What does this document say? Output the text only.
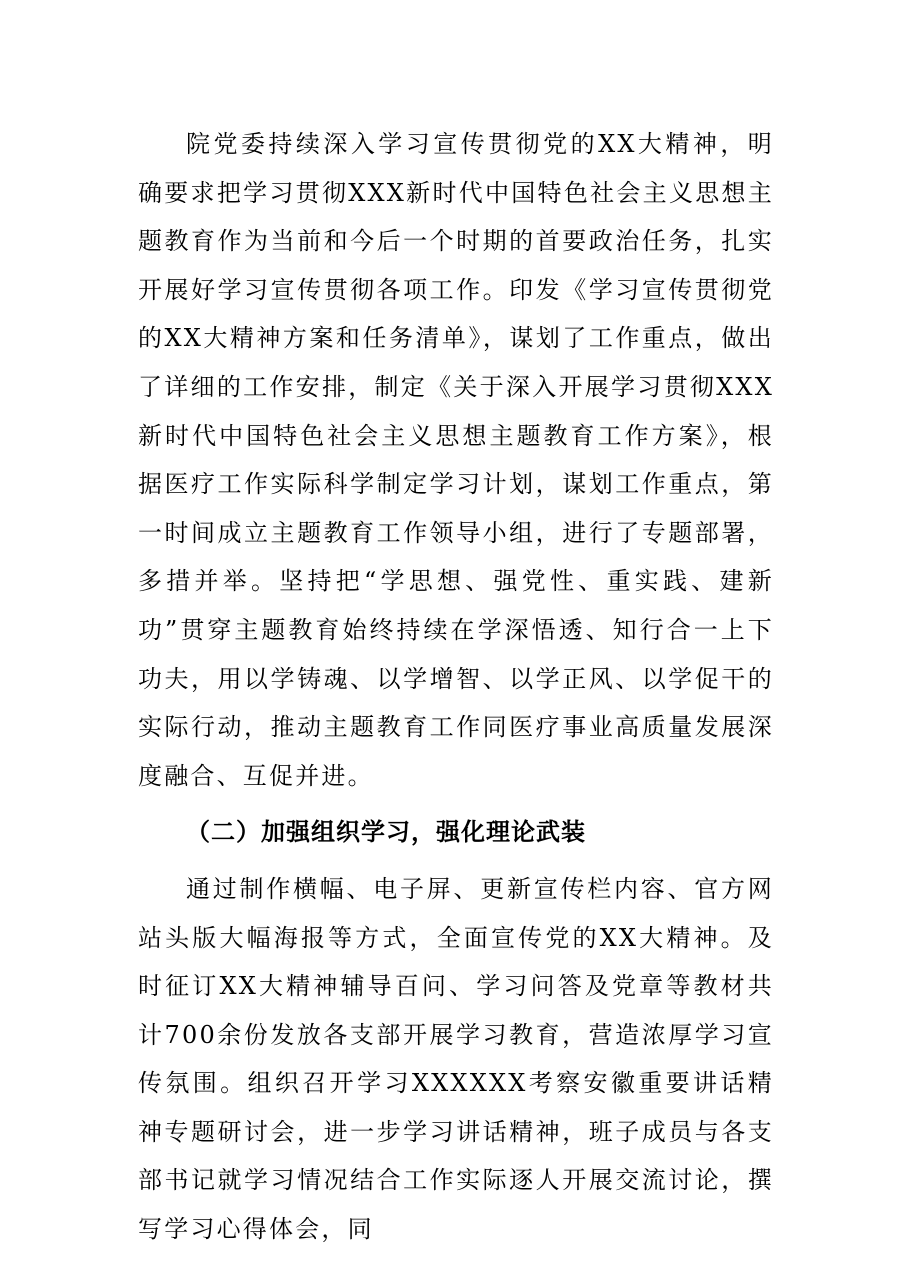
院党委持续深入学习宣传贯彻党的XX大精神，明确要求把学习贯彻XXX新时代中国特色社会主义思想主题教育作为当前和今后一个时期的首要政治任务，扎实开展好学习宣传贯彻各项工作。印发《学习宣传贯彻党的XX大精神方案和任务清单》，谋划了工作重点，做出了详细的工作安排，制定《关于深入开展学习贯彻XXX新时代中国特色社会主义思想主题教育工作方案》，根据医疗工作实际科学制定学习计划，谋划工作重点，第一时间成立主题教育工作领导小组，进行了专题部署，多措并举。坚持把“学思想、强党性、重实践、建新功”贯穿主题教育始终持续在学深悟透、知行合一上下功夫，用以学铸魂、以学增智、以学正风、以学促干的实际行动，推动主题教育工作同医疗事业高质量发展深度融合、互促并进。

（二）加强组织学习，强化理论武装

通过制作横幅、电子屏、更新宣传栏内容、官方网站头版大幅海报等方式，全面宣传党的XX大精神。及时征订XX大精神辅导百问、学习问答及党章等教材共计700余份发放各支部开展学习教育，营造浓厚学习宣传氛围。组织召开学习XXXXXX考察安徽重要讲话精神专题研讨会，进一步学习讲话精神，班子成员与各支部书记就学习情况结合工作实际逐人开展交流讨论，撰写学习心得体会，同
